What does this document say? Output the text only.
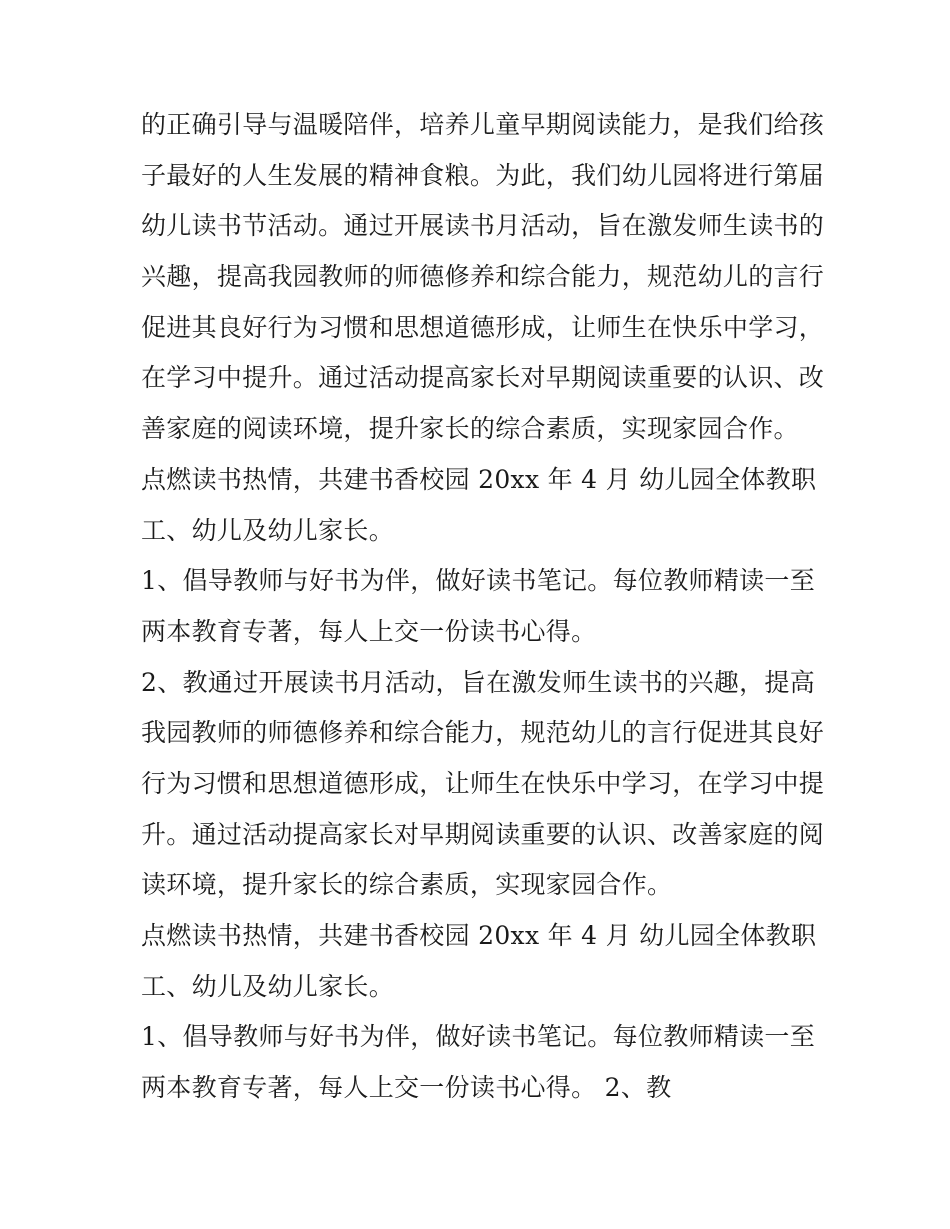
的正确引导与温暖陪伴，培养儿童早期阅读能力，是我们给孩
子最好的人生发展的精神食粮。为此，我们幼儿园将进行第届
幼儿读书节活动。通过开展读书月活动，旨在激发师生读书的
兴趣，提高我园教师的师德修养和综合能力，规范幼儿的言行
促进其良好行为习惯和思想道德形成，让师生在快乐中学习，
在学习中提升。通过活动提高家长对早期阅读重要的认识、改
善家庭的阅读环境，提升家长的综合素质，实现家园合作。
点燃读书热情，共建书香校园 20xx 年 4 月 幼儿园全体教职
工、幼儿及幼儿家长。
1、倡导教师与好书为伴，做好读书笔记。每位教师精读一至
两本教育专著，每人上交一份读书心得。
2、教通过开展读书月活动，旨在激发师生读书的兴趣，提高
我园教师的师德修养和综合能力，规范幼儿的言行促进其良好
行为习惯和思想道德形成，让师生在快乐中学习，在学习中提
升。通过活动提高家长对早期阅读重要的认识、改善家庭的阅
读环境，提升家长的综合素质，实现家园合作。
点燃读书热情，共建书香校园 20xx 年 4 月 幼儿园全体教职
工、幼儿及幼儿家长。
1、倡导教师与好书为伴，做好读书笔记。每位教师精读一至
两本教育专著，每人上交一份读书心得。 2、教
